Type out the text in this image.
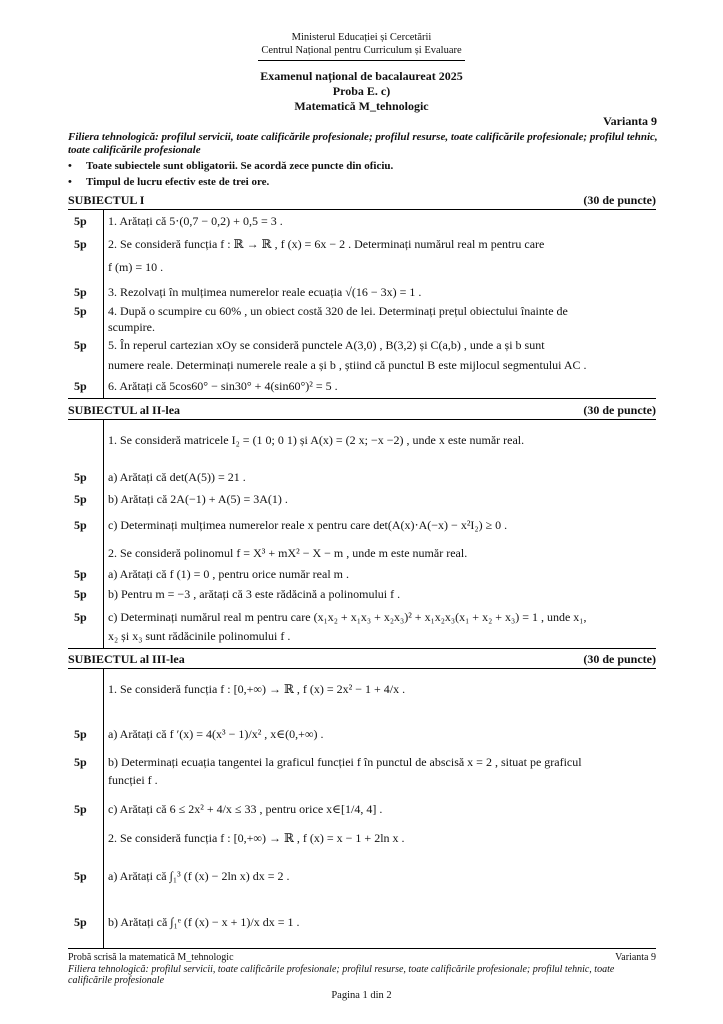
Ministerul Educației și Cercetării
Centrul Național pentru Curriculum și Evaluare
Examenul național de bacalaureat 2025
Proba E. c)
Matematică M_tehnologic
Varianta 9
Filiera tehnologică: profilul servicii, toate calificările profesionale; profilul resurse, toate calificările profesionale; profilul tehnic, toate calificările profesionale
• Toate subiectele sunt obligatorii. Se acordă zece puncte din oficiu.
• Timpul de lucru efectiv este de trei ore.
SUBIECTUL I	(30 de puncte)
5p 1. Arătați că 5⋅(0,7 − 0,2) + 0,5 = 3 .
5p 2. Se consideră funcția f : ℝ → ℝ , f (x) = 6x − 2 . Determinați numărul real m pentru care
f (m) = 10 .
5p 3. Rezolvați în mulțimea numerelor reale ecuația √(16 − 3x) = 1 .
5p 4. După o scumpire cu 60% , un obiect costă 320 de lei. Determinați prețul obiectului înainte de
scumpire.
5p 5. În reperul cartezian xOy se consideră punctele A(3,0) , B(3,2) și C(a,b) , unde a și b sunt
numere reale. Determinați numerele reale a și b , știind că punctul B este mijlocul segmentului AC .
5p 6. Arătați că 5cos60° − sin30° + 4(sin60°)² = 5 .
SUBIECTUL al II-lea	(30 de puncte)
1. Se consideră matricele I₂ = (1 0; 0 1) și A(x) = (2 x; −x −2) , unde x este număr real.
5p a) Arătați că det(A(5)) = 21 .
5p b) Arătați că 2A(−1) + A(5) = 3A(1) .
5p c) Determinați mulțimea numerelor reale x pentru care det(A(x)⋅A(−x) − x²I₂) ≥ 0 .
2. Se consideră polinomul f = X³ + mX² − X − m , unde m este număr real.
5p a) Arătați că f (1) = 0 , pentru orice număr real m .
5p b) Pentru m = −3 , arătați că 3 este rădăcină a polinomului f .
5p c) Determinați numărul real m pentru care (x₁x₂ + x₁x₃ + x₂x₃)² + x₁x₂x₃(x₁ + x₂ + x₃) = 1 , unde x₁,
x₂ și x₃ sunt rădăcinile polinomului f .
SUBIECTUL al III-lea	(30 de puncte)
1. Se consideră funcția f : [0,+∞) → ℝ , f (x) = 2x² − 1 + 4/x .
5p a) Arătați că f ′(x) = 4(x³ − 1)/x² , x∈(0,+∞) .
5p b) Determinați ecuația tangentei la graficul funcției f în punctul de abscisă x = 2 , situat pe graficul
funcției f .
5p c) Arătați că 6 ≤ 2x² + 4/x ≤ 33 , pentru orice x∈[1/4, 4] .
2. Se consideră funcția f : [0,+∞) → ℝ , f (x) = x − 1 + 2ln x .
5p a) Arătați că ∫₁³ (f (x) − 2ln x) dx = 2 .
5p b) Arătați că ∫₁ᵉ (f (x) − x + 1)/x dx = 1 .
Probă scrisă la matematică M_tehnologic	Varianta 9
Filiera tehnologică: profilul servicii, toate calificările profesionale; profilul resurse, toate calificările profesionale; profilul tehnic, toate calificările profesionale
Pagina 1 din 2
